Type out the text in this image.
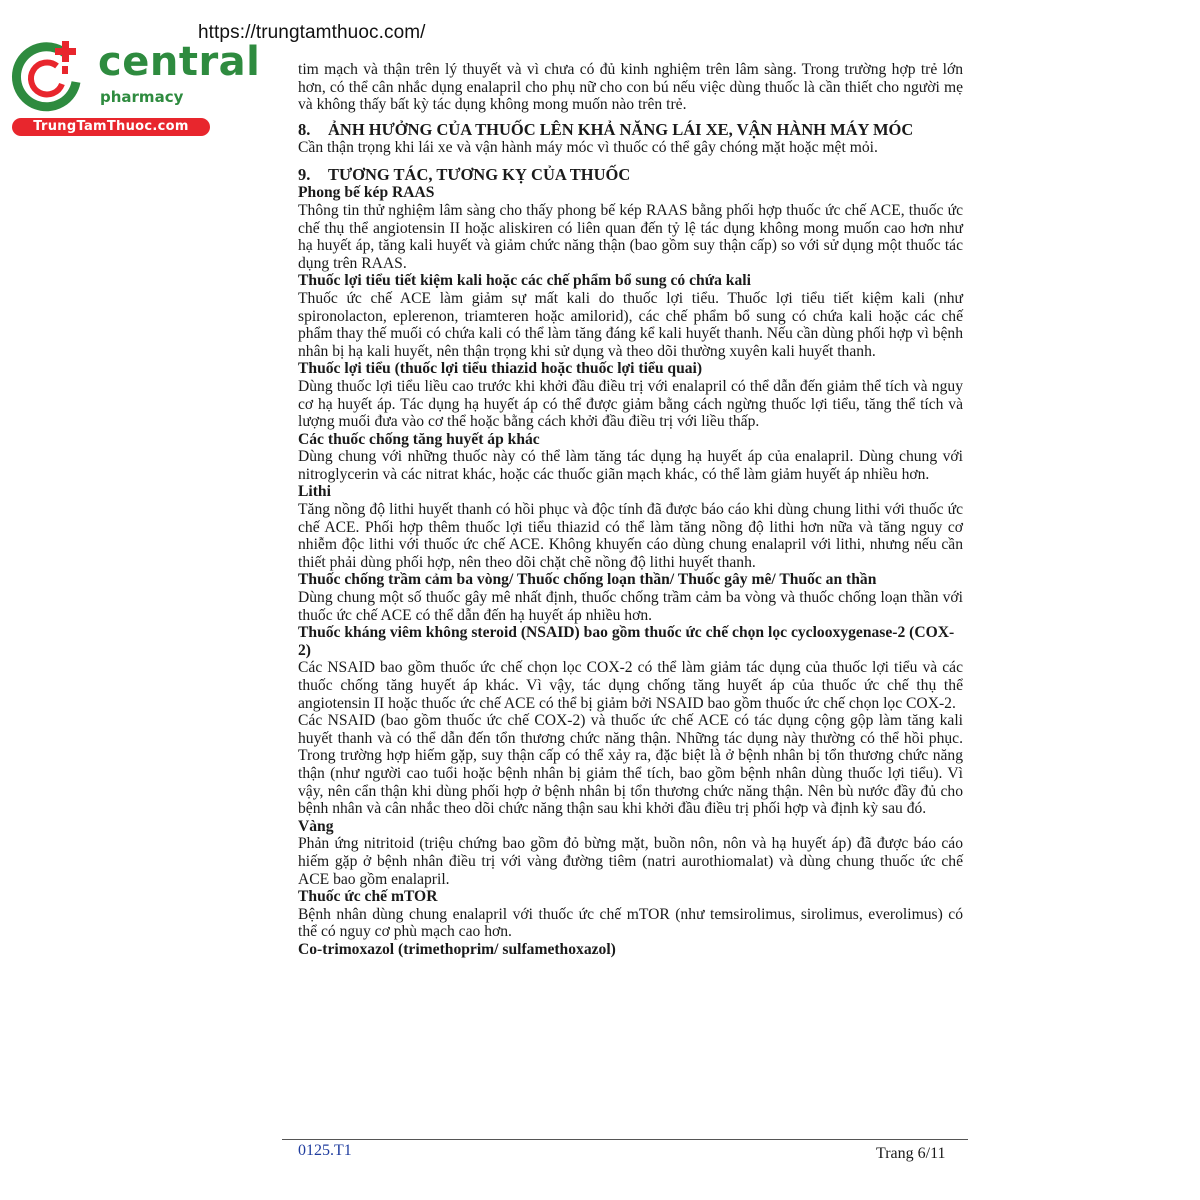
https://trungtamthuoc.com/
central
pharmacy
TrungTamThuoc.com

tim mạch và thận trên lý thuyết và vì chưa có đủ kinh nghiệm trên lâm sàng. Trong trường hợp trẻ lớn hơn, có thể cân nhắc dụng enalapril cho phụ nữ cho con bú nếu việc dùng thuốc là cần thiết cho người mẹ và không thấy bất kỳ tác dụng không mong muốn nào trên trẻ.

8. ẢNH HƯỞNG CỦA THUỐC LÊN KHẢ NĂNG LÁI XE, VẬN HÀNH MÁY MÓC

Cần thận trọng khi lái xe và vận hành máy móc vì thuốc có thể gây chóng mặt hoặc mệt mỏi.

9. TƯƠNG TÁC, TƯƠNG KỴ CỦA THUỐC
Phong bế kép RAAS

Thông tin thử nghiệm lâm sàng cho thấy phong bế kép RAAS bằng phối hợp thuốc ức chế ACE, thuốc ức chế thụ thể angiotensin II hoặc aliskiren có liên quan đến tỷ lệ tác dụng không mong muốn cao hơn như hạ huyết áp, tăng kali huyết và giảm chức năng thận (bao gồm suy thận cấp) so với sử dụng một thuốc tác dụng trên RAAS.

Thuốc lợi tiểu tiết kiệm kali hoặc các chế phẩm bổ sung có chứa kali

Thuốc ức chế ACE làm giảm sự mất kali do thuốc lợi tiểu. Thuốc lợi tiểu tiết kiệm kali (như spironolacton, eplerenon, triamteren hoặc amilorid), các chế phẩm bổ sung có chứa kali hoặc các chế phẩm thay thế muối có chứa kali có thể làm tăng đáng kể kali huyết thanh. Nếu cần dùng phối hợp vì bệnh nhân bị hạ kali huyết, nên thận trọng khi sử dụng và theo dõi thường xuyên kali huyết thanh.

Thuốc lợi tiểu (thuốc lợi tiểu thiazid hoặc thuốc lợi tiểu quai)

Dùng thuốc lợi tiểu liều cao trước khi khởi đầu điều trị với enalapril có thể dẫn đến giảm thể tích và nguy cơ hạ huyết áp. Tác dụng hạ huyết áp có thể được giảm bằng cách ngừng thuốc lợi tiểu, tăng thể tích và lượng muối đưa vào cơ thể hoặc bằng cách khởi đầu điều trị với liều thấp.

Các thuốc chống tăng huyết áp khác

Dùng chung với những thuốc này có thể làm tăng tác dụng hạ huyết áp của enalapril. Dùng chung với nitroglycerin và các nitrat khác, hoặc các thuốc giãn mạch khác, có thể làm giảm huyết áp nhiều hơn.

Lithi

Tăng nồng độ lithi huyết thanh có hồi phục và độc tính đã được báo cáo khi dùng chung lithi với thuốc ức chế ACE. Phối hợp thêm thuốc lợi tiểu thiazid có thể làm tăng nồng độ lithi hơn nữa và tăng nguy cơ nhiễm độc lithi với thuốc ức chế ACE. Không khuyến cáo dùng chung enalapril với lithi, nhưng nếu cần thiết phải dùng phối hợp, nên theo dõi chặt chẽ nồng độ lithi huyết thanh.

Thuốc chống trầm cảm ba vòng/ Thuốc chống loạn thần/ Thuốc gây mê/ Thuốc an thần

Dùng chung một số thuốc gây mê nhất định, thuốc chống trầm cảm ba vòng và thuốc chống loạn thần với thuốc ức chế ACE có thể dẫn đến hạ huyết áp nhiều hơn.

Thuốc kháng viêm không steroid (NSAID) bao gồm thuốc ức chế chọn lọc cyclooxygenase-2 (COX-2)

Các NSAID bao gồm thuốc ức chế chọn lọc COX-2 có thể làm giảm tác dụng của thuốc lợi tiểu và các thuốc chống tăng huyết áp khác. Vì vậy, tác dụng chống tăng huyết áp của thuốc ức chế thụ thể angiotensin II hoặc thuốc ức chế ACE có thể bị giảm bởi NSAID bao gồm thuốc ức chế chọn lọc COX-2.

Các NSAID (bao gồm thuốc ức chế COX-2) và thuốc ức chế ACE có tác dụng cộng gộp làm tăng kali huyết thanh và có thể dẫn đến tổn thương chức năng thận. Những tác dụng này thường có thể hồi phục. Trong trường hợp hiếm gặp, suy thận cấp có thể xảy ra, đặc biệt là ở bệnh nhân bị tổn thương chức năng thận (như người cao tuổi hoặc bệnh nhân bị giảm thể tích, bao gồm bệnh nhân dùng thuốc lợi tiểu). Vì vậy, nên cẩn thận khi dùng phối hợp ở bệnh nhân bị tổn thương chức năng thận. Nên bù nước đầy đủ cho bệnh nhân và cân nhắc theo dõi chức năng thận sau khi khởi đầu điều trị phối hợp và định kỳ sau đó.

Vàng

Phản ứng nitritoid (triệu chứng bao gồm đỏ bừng mặt, buồn nôn, nôn và hạ huyết áp) đã được báo cáo hiếm gặp ở bệnh nhân điều trị với vàng đường tiêm (natri aurothiomalat) và dùng chung thuốc ức chế ACE bao gồm enalapril.

Thuốc ức chế mTOR

Bệnh nhân dùng chung enalapril với thuốc ức chế mTOR (như temsirolimus, sirolimus, everolimus) có thể có nguy cơ phù mạch cao hơn.

Co-trimoxazol (trimethoprim/ sulfamethoxazol)
0125.T1	Trang 6/11
